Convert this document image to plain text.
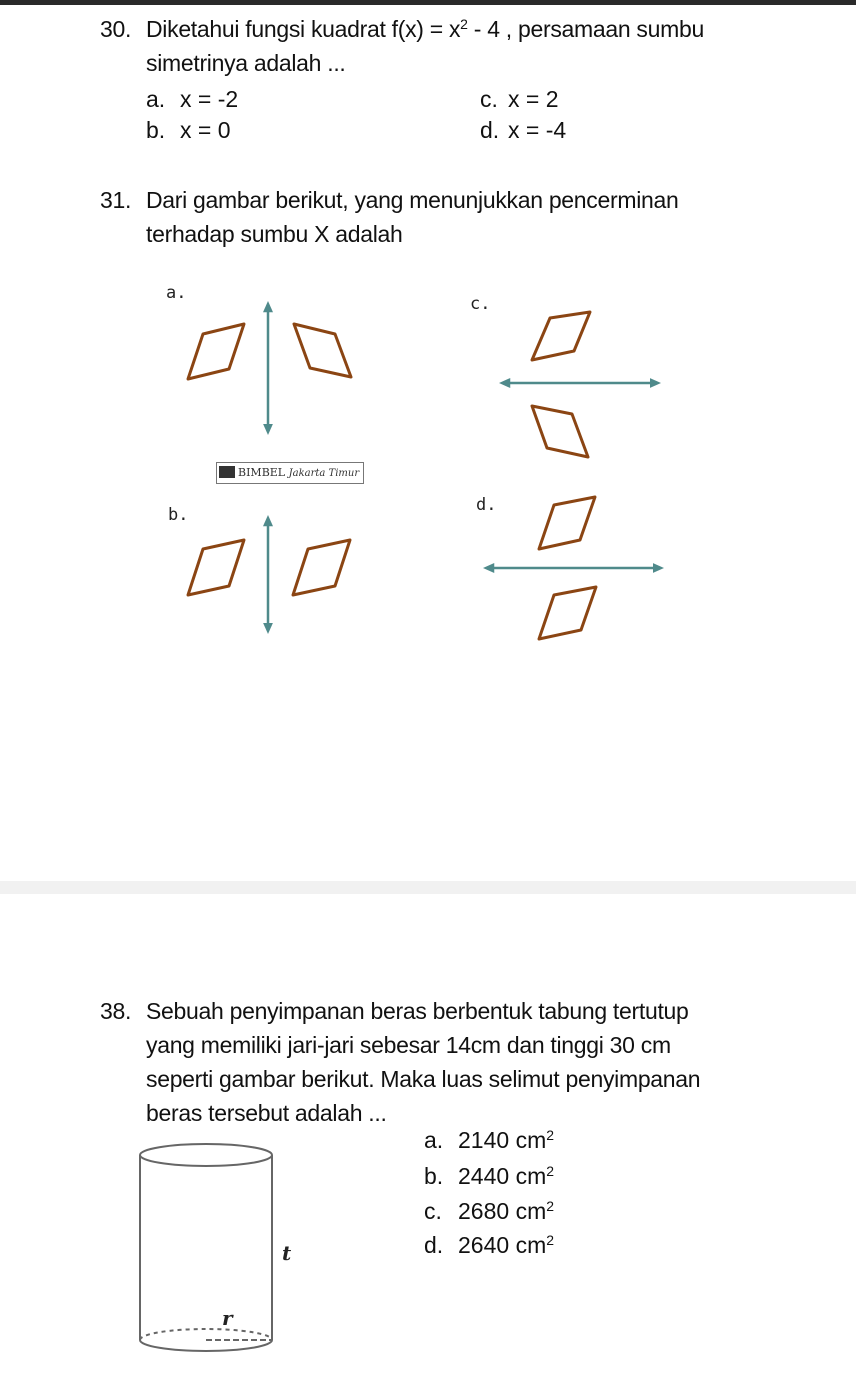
30. Diketahui fungsi kuadrat $f(x) = x^2 - 4$ , persamaan sumbu
simetrinya adalah ...
a. x = -2
b. x = 0
c. x = 2
d. x = -4
31. Dari gambar berikut, yang menunjukkan pencerminan
terhadap sumbu X adalah
a.
c.
b.	d.
BIMBEL Jakarta Timur
38. Sebuah penyimpanan beras berbentuk tabung tertutup
yang memiliki jari-jari sebesar 14cm dan tinggi 30 cm
seperti gambar berikut. Maka luas selimut penyimpanan
beras tersebut adalah ...
t
r
a. 2140 $cm^2$
b. 2440 $cm^2$
c. 2680 $cm^2$
d. 2640 $cm^2$
